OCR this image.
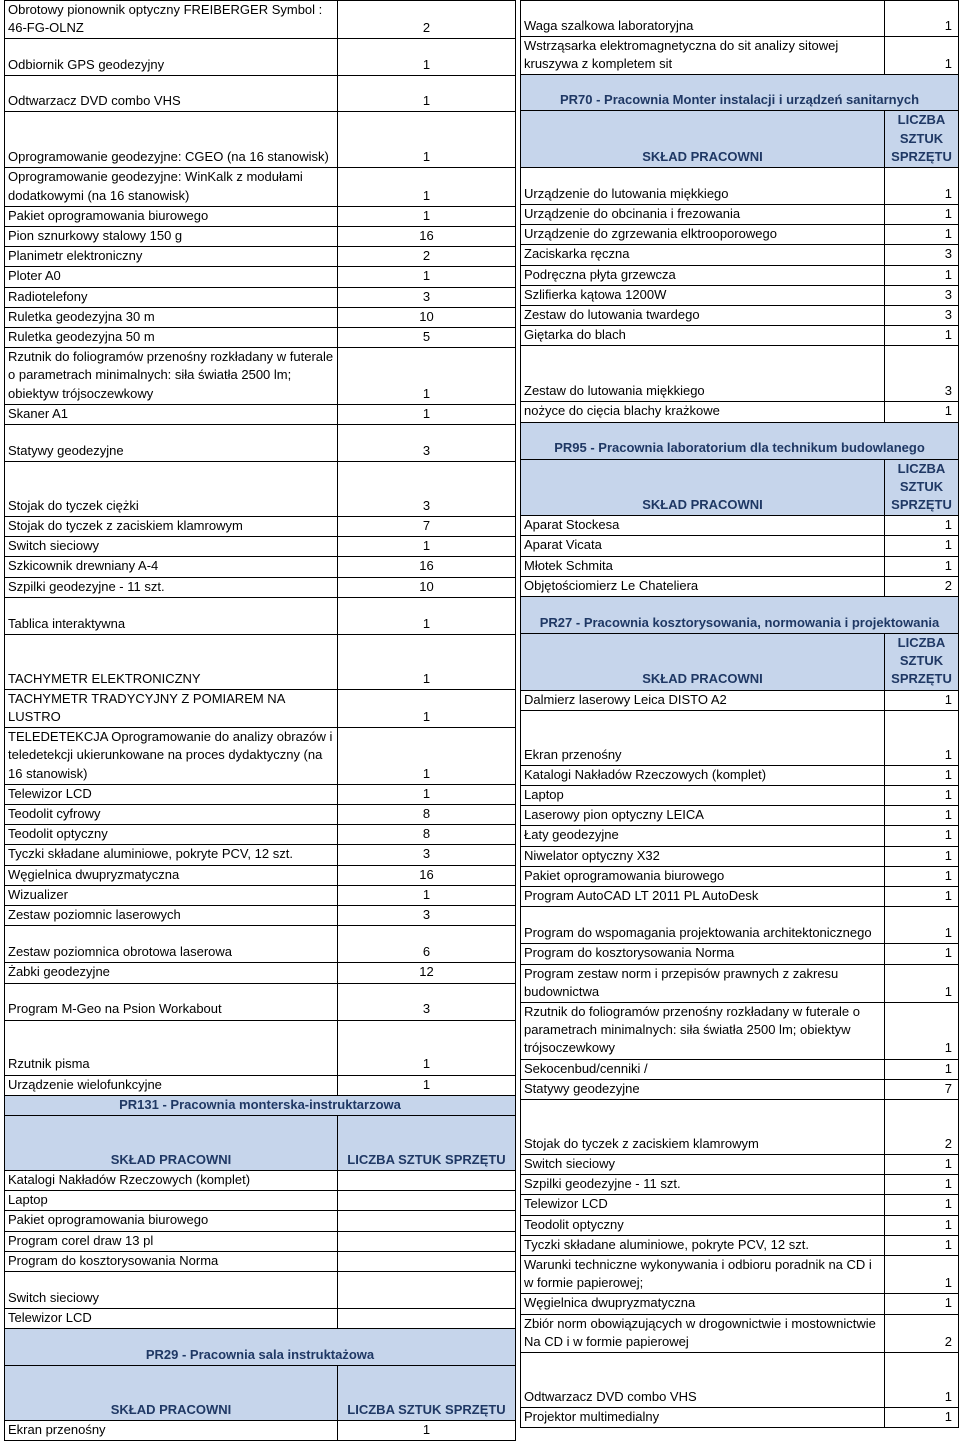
Obrotowy pionownik optyczny FREIBERGER Symbol : 46-FG-OLNZ	2
Odbiornik GPS geodezyjny	1
Odtwarzacz DVD combo VHS	1
Oprogramowanie geodezyjne: CGEO (na 16 stanowisk)	1
Oprogramowanie geodezyjne: WinKalk z modułami dodatkowymi (na 16 stanowisk)	1
Pakiet oprogramowania biurowego	1
Pion sznurkowy stalowy 150 g	16
Planimetr elektroniczny	2
Ploter A0	1
Radiotelefony	3
Ruletka geodezyjna 30 m	10
Ruletka geodezyjna 50 m	5
Rzutnik do foliogramów przenośny rozkładany w futerale o parametrach minimalnych: siła światła 2500 lm; obiektyw trójsoczewkowy	1
Skaner A1	1
Statywy geodezyjne	3
Stojak do tyczek ciężki	3
Stojak do tyczek z zaciskiem klamrowym	7
Switch sieciowy	1
Szkicownik drewniany A-4	16
Szpilki geodezyjne - 11 szt.	10
Tablica interaktywna	1
TACHYMETR ELEKTRONICZNY	1
TACHYMETR TRADYCYJNY Z POMIAREM NA LUSTRO	1
TELEDETEKCJA Oprogramowanie do analizy obrazów i teledetekcji ukierunkowane na proces dydaktyczny (na 16 stanowisk)	1
Telewizor LCD	1
Teodolit cyfrowy	8
Teodolit optyczny	8
Tyczki składane aluminiowe, pokryte PCV, 12 szt.	3
Węgielnica dwupryzmatyczna	16
Wizualizer	1
Zestaw poziomnic laserowych	3
Zestaw poziomnica obrotowa laserowa	6
Żabki geodezyjne	12
Program M-Geo na Psion Workabout	3
Rzutnik pisma	1
Urządzenie wielofunkcyjne	1
PR131 - Pracownia monterska-instruktarzowa	
SKŁAD PRACOWNI	LICZBA SZTUK SPRZĘTU
Katalogi Nakładów Rzeczowych (komplet)	
Laptop	
Pakiet oprogramowania biurowego	
Program corel draw 13 pl	
Program do kosztorysowania Norma	
Switch sieciowy	
Telewizor LCD	
PR29 - Pracownia sala instruktażowa	
SKŁAD PRACOWNI	LICZBA SZTUK SPRZĘTU
Ekran przenośny	1
Waga szalkowa laboratoryjna	1
Wstrząsarka elektromagnetyczna do sit analizy sitowej kruszywa z kompletem sit	1
PR70 - Pracownia Monter instalacji i urządzeń sanitarnych	
SKŁAD PRACOWNI	LICZBA SZTUK SPRZĘTU
Urządzenie do lutowania miękkiego	1
Urządzenie do obcinania i frezowania	1
Urządzenie do zgrzewania elktrooporowego	1
Zaciskarka ręczna	3
Podręczna płyta grzewcza	1
Szlifierka kątowa 1200W	3
Zestaw do lutowania twardego	3
Giętarka do blach	1
Zestaw do lutowania miękkiego	3
nożyce do cięcia blachy krażkowe	1
PR95 - Pracownia laboratorium dla technikum budowlanego	
SKŁAD PRACOWNI	LICZBA SZTUK SPRZĘTU
Aparat Stockesa	1
Aparat Vicata	1
Młotek Schmita	1
Objętościomierz Le Chateliera	2
PR27 - Pracownia kosztorysowania, normowania i projektowania	
SKŁAD PRACOWNI	LICZBA SZTUK SPRZĘTU
Dalmierz laserowy Leica DISTO A2	1
Ekran przenośny	1
Katalogi Nakładów Rzeczowych (komplet)	1
Laptop	1
Laserowy pion optyczny LEICA	1
Łaty geodezyjne	1
Niwelator optyczny X32	1
Pakiet oprogramowania biurowego	1
Program AutoCAD LT 2011 PL AutoDesk	1
Program do wspomagania projektowania architektonicznego	1
Program do kosztorysowania Norma	1
Program zestaw norm i przepisów prawnych z zakresu budownictwa	1
Rzutnik do foliogramów przenośny rozkładany w futerale o parametrach minimalnych: siła światła 2500 lm; obiektyw trójsoczewkowy	1
Sekocenbud/cenniki /	1
Statywy geodezyjne	7
Stojak do tyczek z zaciskiem klamrowym	2
Switch sieciowy	1
Szpilki geodezyjne - 11 szt.	1
Telewizor LCD	1
Teodolit optyczny	1
Tyczki składane aluminiowe, pokryte PCV, 12 szt.	1
Warunki techniczne wykonywania i odbioru poradnik na CD i w formie papierowej;	1
Węgielnica dwupryzmatyczna	1
Zbiór norm obowiązujących w drogownictwie i mostownictwie Na CD i w formie papierowej	2
Odtwarzacz DVD combo VHS	1
Projektor multimedialny	1
